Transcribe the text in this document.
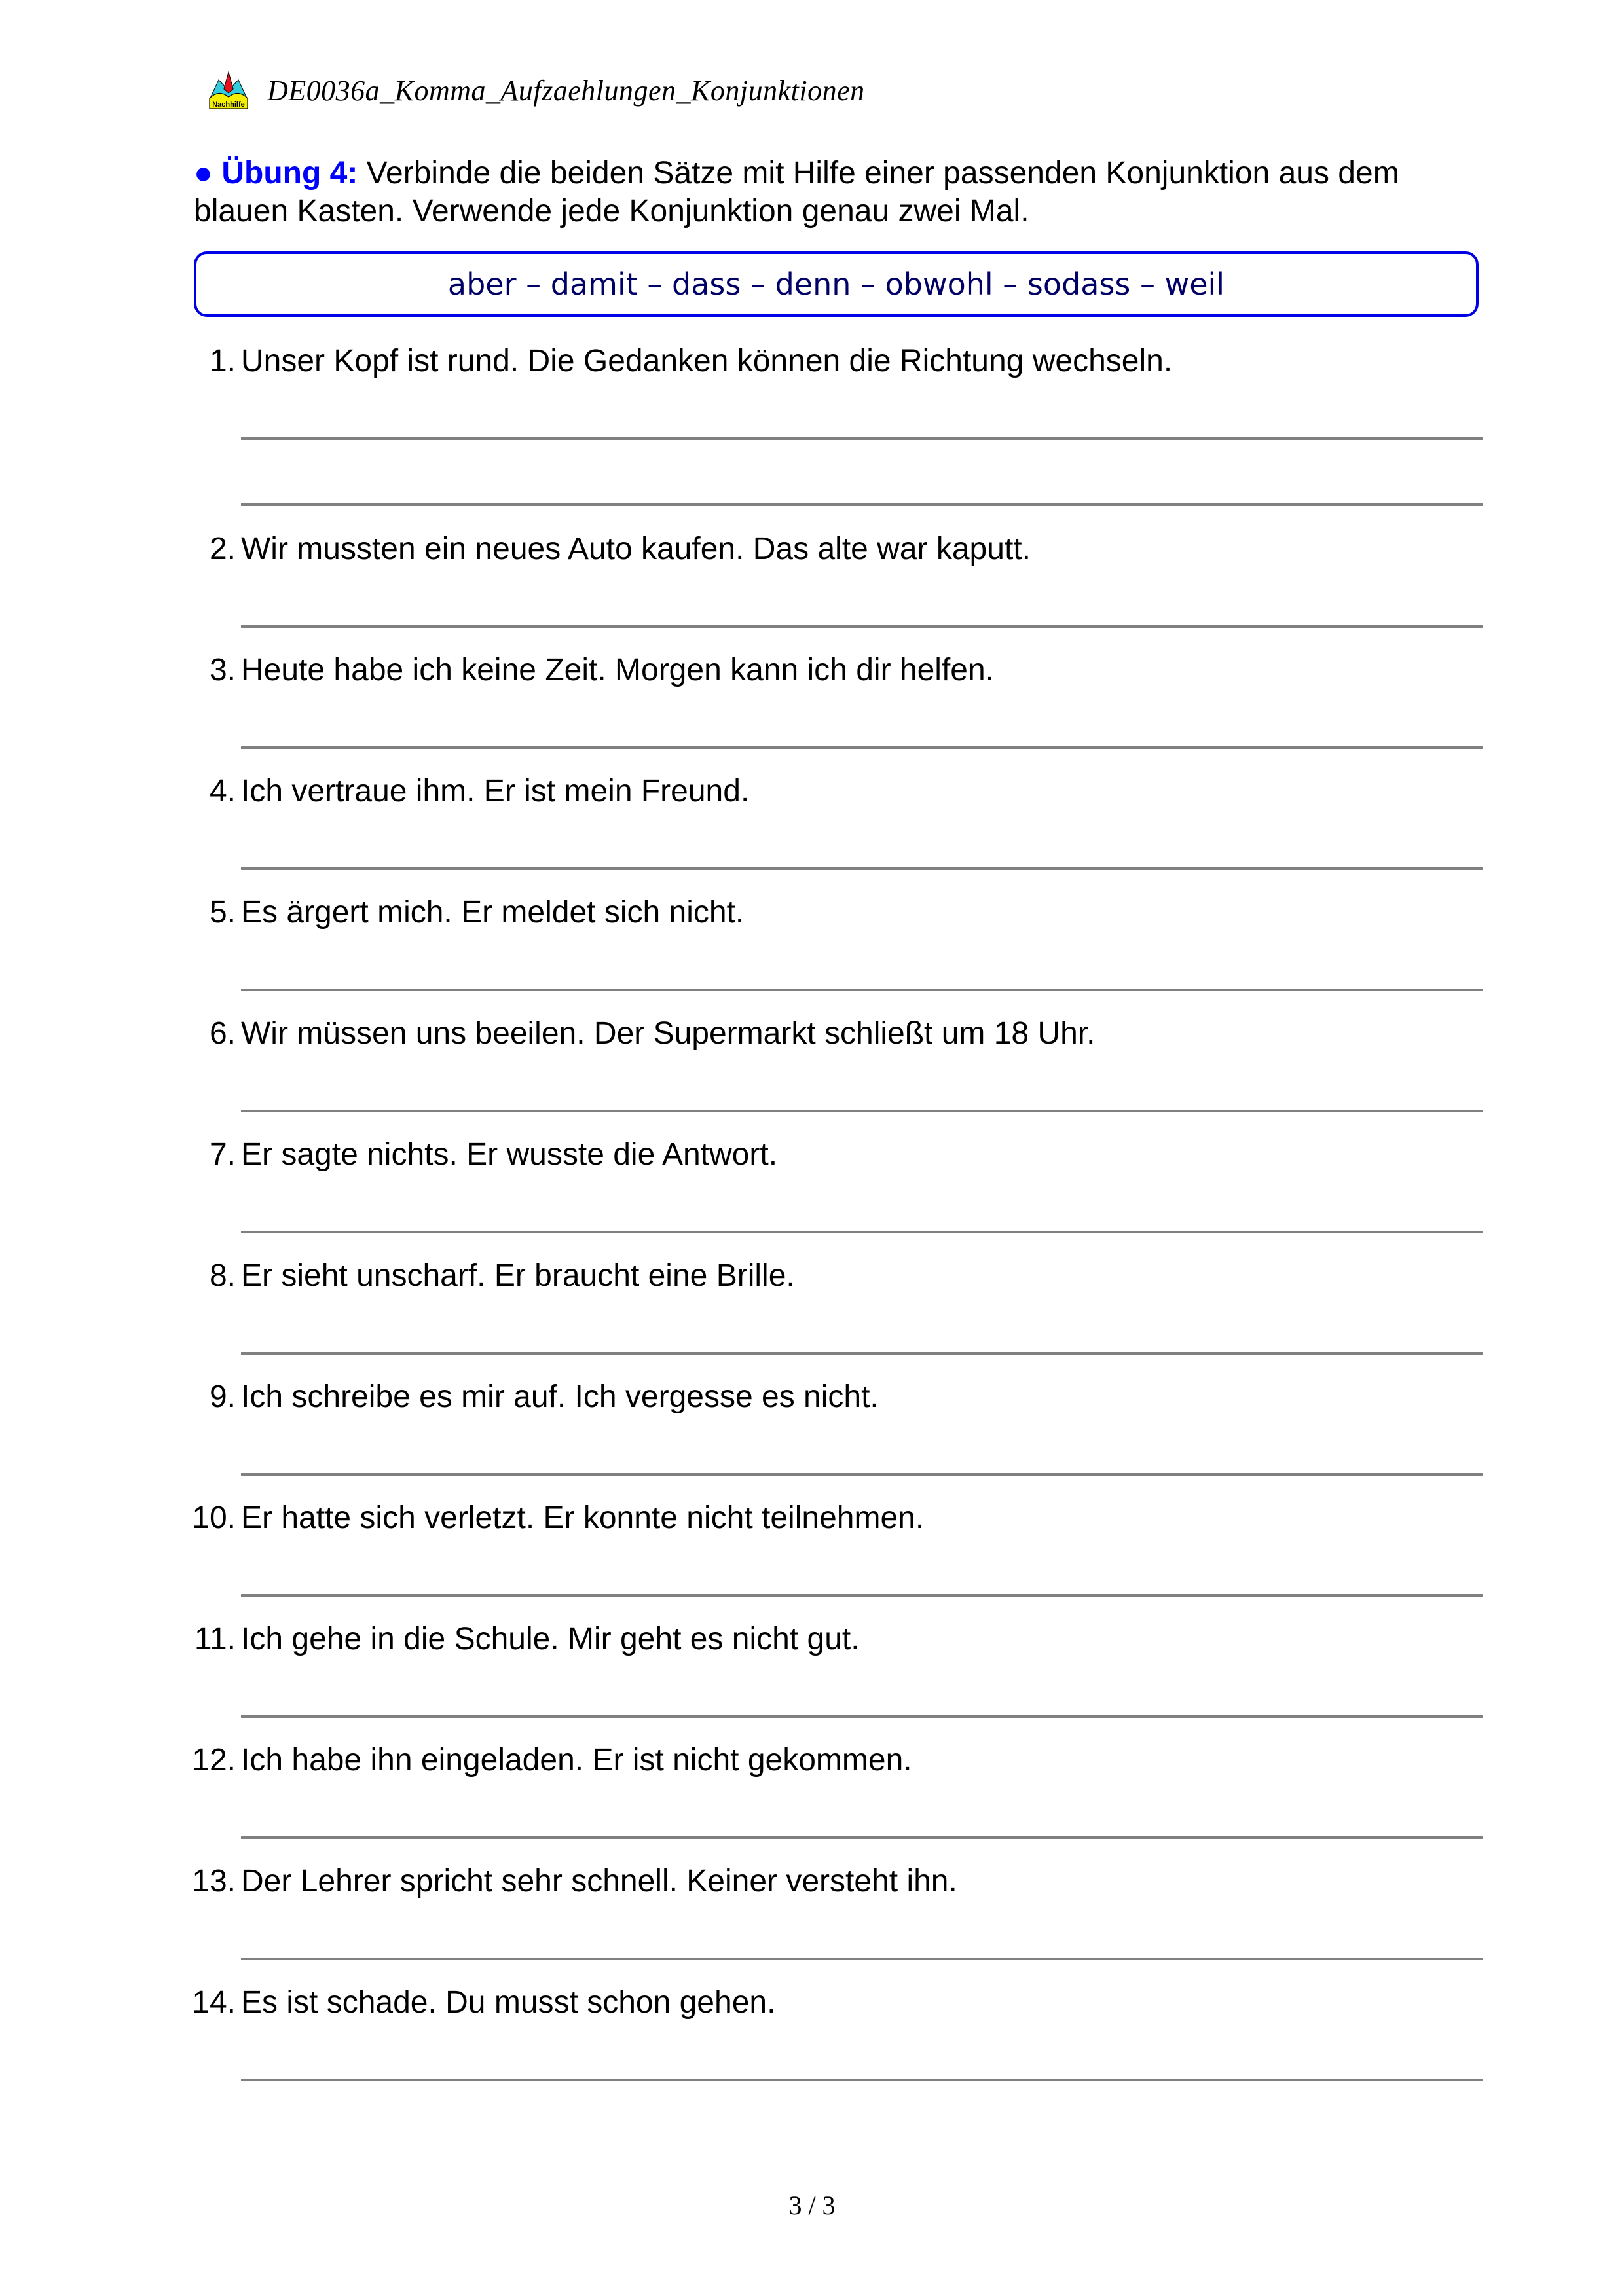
Nachhilfe DE0036a_Komma_Aufzaehlungen_Konjunktionen
● Übung 4: Verbinde die beiden Sätze mit Hilfe einer passenden Konjunktion aus dem blauen Kasten. Verwende jede Konjunktion genau zwei Mal.
aber – damit – dass – denn – obwohl – sodass – weil
1. Unser Kopf ist rund. Die Gedanken können die Richtung wechseln.
2. Wir mussten ein neues Auto kaufen. Das alte war kaputt.
3. Heute habe ich keine Zeit. Morgen kann ich dir helfen.
4. Ich vertraue ihm. Er ist mein Freund.
5. Es ärgert mich. Er meldet sich nicht.
6. Wir müssen uns beeilen. Der Supermarkt schließt um 18 Uhr.
7. Er sagte nichts. Er wusste die Antwort.
8. Er sieht unscharf. Er braucht eine Brille.
9. Ich schreibe es mir auf. Ich vergesse es nicht.
10. Er hatte sich verletzt. Er konnte nicht teilnehmen.
11. Ich gehe in die Schule. Mir geht es nicht gut.
12. Ich habe ihn eingeladen. Er ist nicht gekommen.
13. Der Lehrer spricht sehr schnell. Keiner versteht ihn.
14. Es ist schade. Du musst schon gehen.
3 / 3
